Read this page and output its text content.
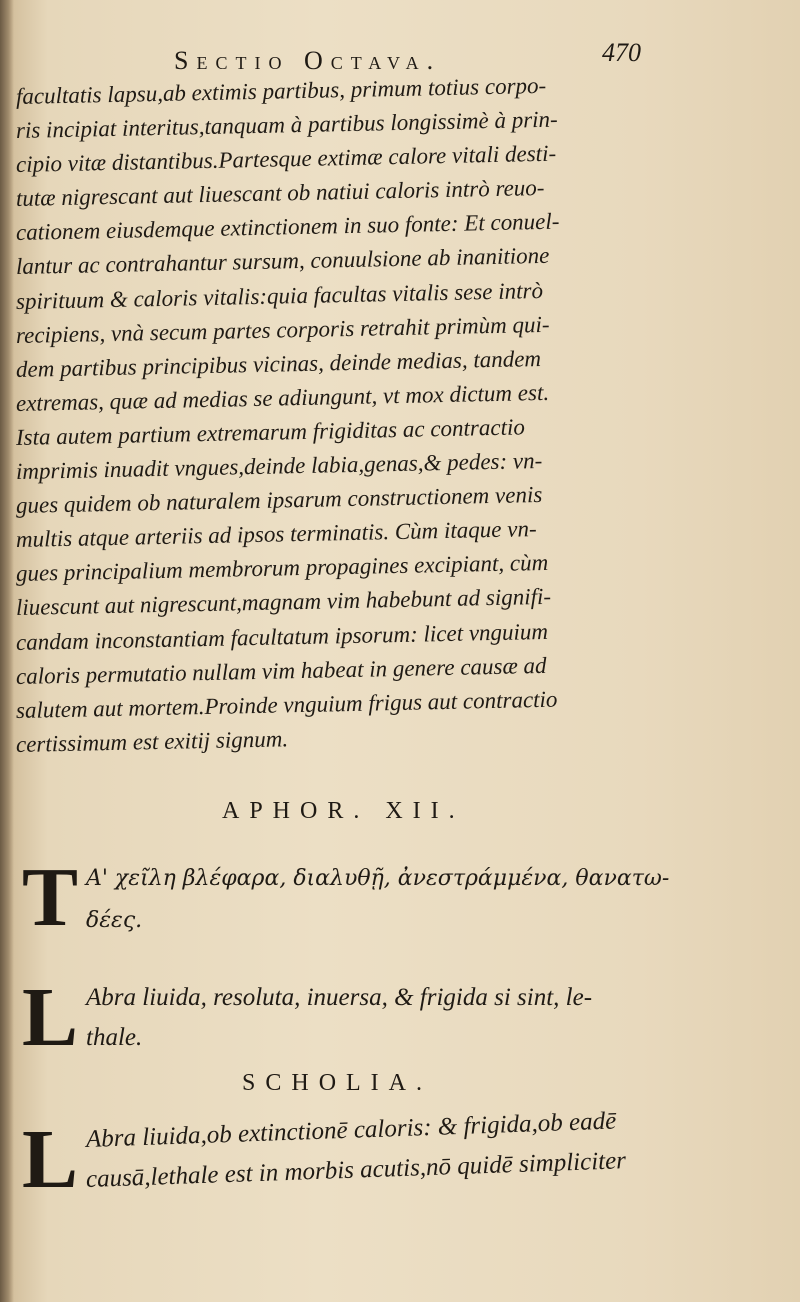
Sectio Octava.	470
facultatis lapsu,ab extimis partibus, primum totius corpo-
ris incipiat interitus,tanquam à partibus longissimè à prin-
cipio vitæ distantibus.Partesque extimæ calore vitali desti-
tutæ nigrescant aut liuescant ob natiui caloris intrò reuo-
cationem eiusdemque extinctionem in suo fonte: Et conuel-
lantur ac contrahantur sursum, conuulsione ab inanitione
spirituum & caloris vitalis:quia facultas vitalis sese intrò
recipiens, vnà secum partes corporis retrahit primùm qui-
dem partibus principibus vicinas, deinde medias, tandem
extremas, quæ ad medias se adiungunt, vt mox dictum est.
Ista autem partium extremarum frigiditas ac contractio
imprimis inuadit vngues,deinde labia,genas,& pedes: vn-
gues quidem ob naturalem ipsarum constructionem venis
multis atque arteriis ad ipsos terminatis. Cùm itaque vn-
gues principalium membrorum propagines excipiant, cùm
liuescunt aut nigrescunt,magnam vim habebunt ad signifi-
candam inconstantiam facultatum ipsorum: licet vnguium
caloris permutatio nullam vim habeat in genere causæ ad
salutem aut mortem.Proinde vnguium frigus aut contractio
certissimum est exitij signum.
APHOR. XII.
T Α' χεῖλη βλέφαρα, διαλυθῇ, ἀνεστράμμένα, θανατω-
δέες.
L Abra liuida, resoluta, inuersa, & frigida si sint, le-
thale.
SCHOLIA.
L Abra liuida,ob extinctionē caloris: & frigida,ob eadē
causā,lethale est in morbis acutis,nō quidē simpliciter
